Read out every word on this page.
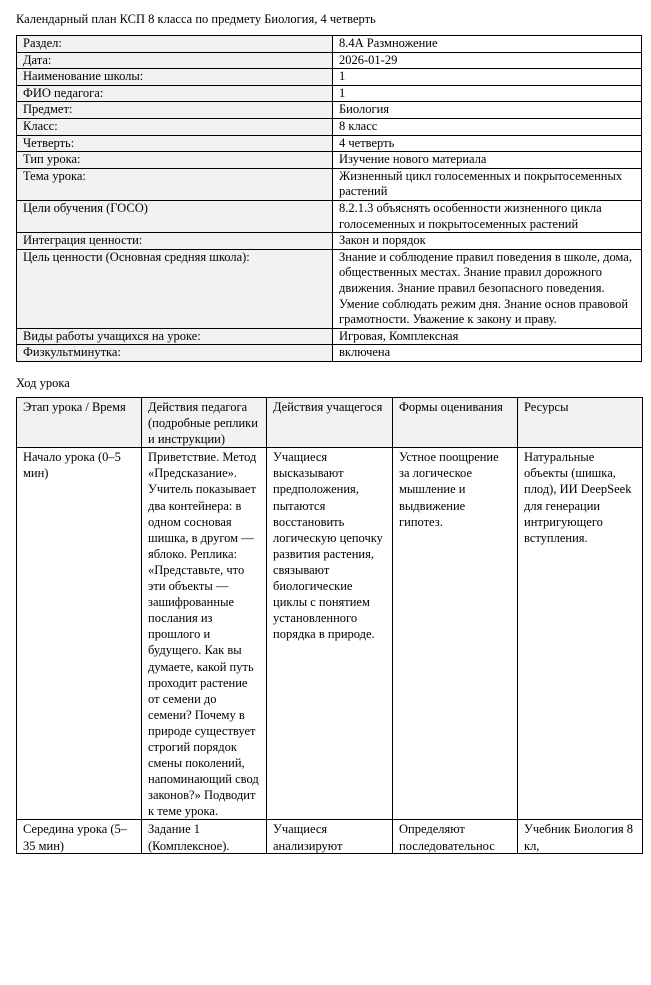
Календарный план КСП 8 класса по предмету Биология, 4 четверть
Раздел:	8.4А Размножение
Дата:	2026-01-29
Наименование школы:	1
ФИО педагога:	1
Предмет:	Биология
Класс:	8 класс
Четверть:	4 четверть
Тип урока:	Изучение нового материала
Тема урока:	Жизненный цикл голосеменных и покрытосеменных растений
Цели обучения (ГОСО)	8.2.1.3 объяснять особенности жизненного цикла голосеменных и покрытосеменных растений
Интеграция ценности:	Закон и порядок
Цель ценности (Основная средняя школа):	Знание и соблюдение правил поведения в школе, дома, общественных местах. Знание правил дорожного движения. Знание правил безопасного поведения. Умение соблюдать режим дня. Знание основ правовой грамотности. Уважение к закону и праву.
Виды работы учащихся на уроке:	Игровая, Комплексная
Физкультминутка:	включена
Ход урока
Этап урока / Время	Действия педагога (подробные реплики и инструкции)	Действия учащегося	Формы оценивания	Ресурсы
Начало урока (0–5 мин)	Приветствие. Метод «Предсказание». Учитель показывает два контейнера: в одном сосновая шишка, в другом — яблоко. Реплика: «Представьте, что эти объекты — зашифрованные послания из прошлого и будущего. Как вы думаете, какой путь проходит растение от семени до семени? Почему в природе существует строгий порядок смены поколений, напоминающий свод законов?» Подводит к теме урока.	Учащиеся высказывают предположения, пытаются восстановить логическую цепочку развития растения, связывают биологические циклы с понятием установленного порядка в природе.	Устное поощрение за логическое мышление и выдвижение гипотез.	Натуральные объекты (шишка, плод), ИИ DeepSeek для генерации интригующего вступления.

Середина урока (5–35 мин)	Задание 1 (Комплексное).	Учащиеся анализируют	Определяют последовательнос	Учебник Биология 8 кл,
